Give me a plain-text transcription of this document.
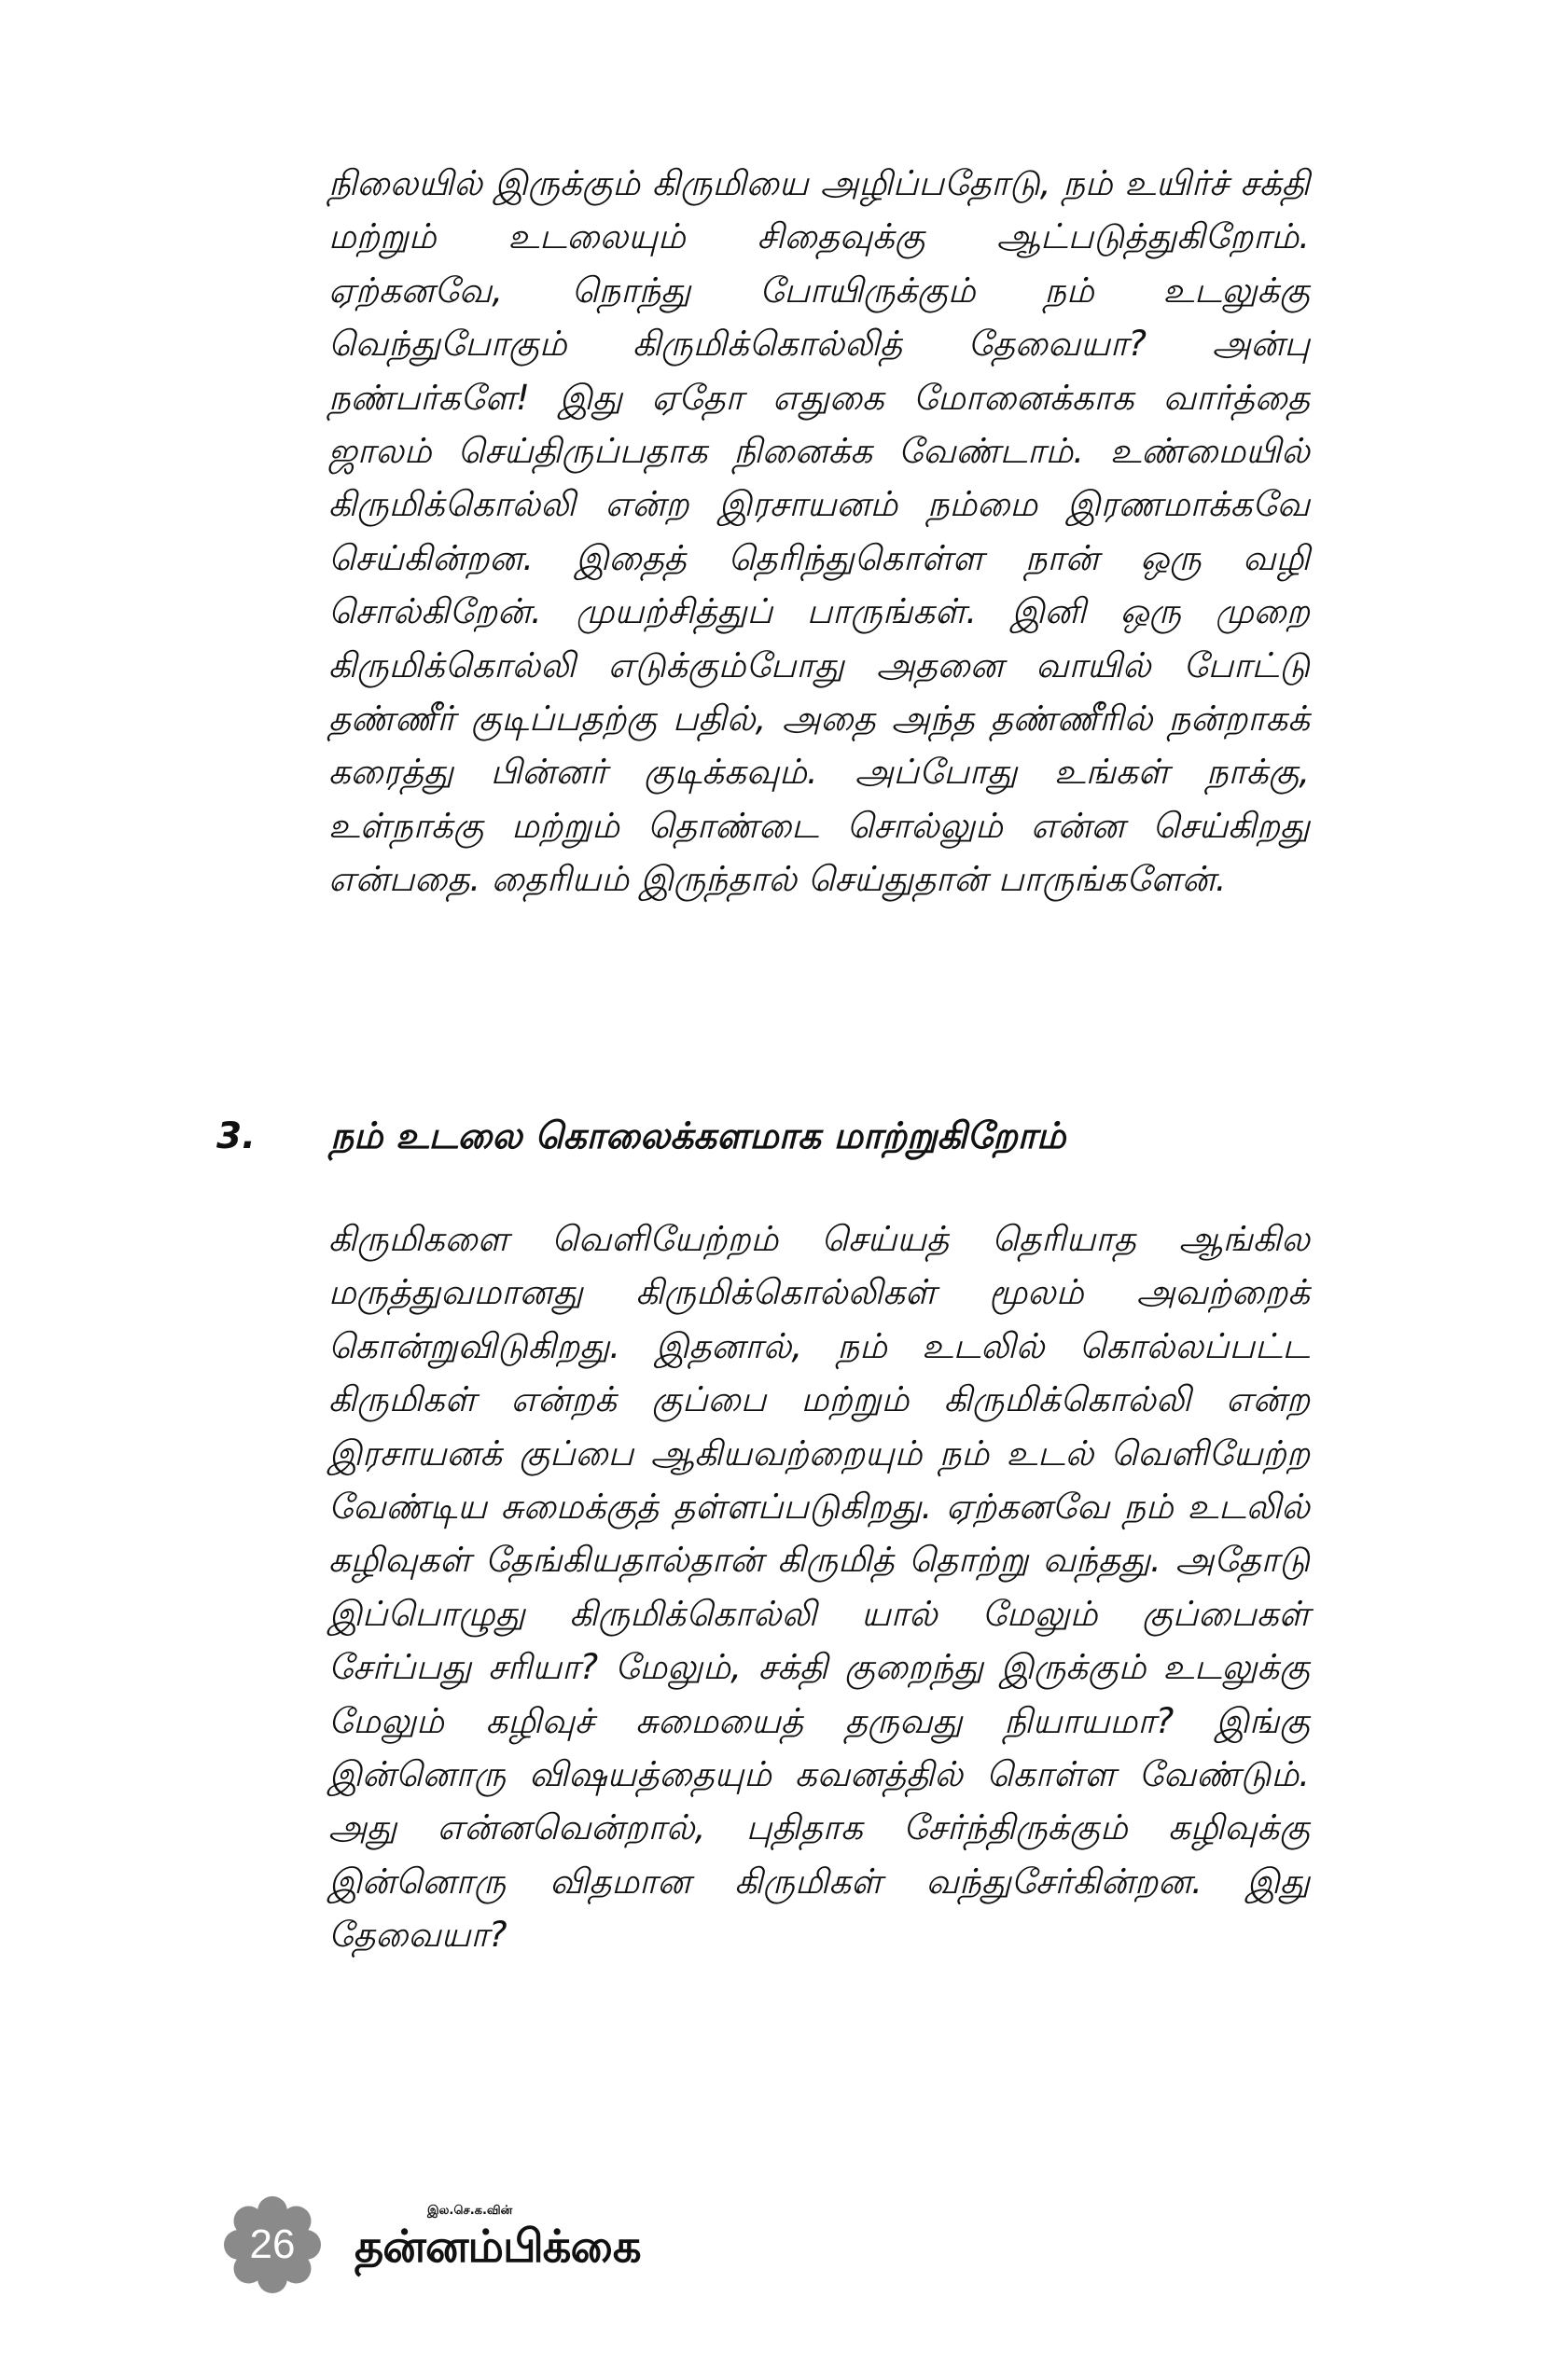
நிலையில் இருக்கும் கிருமியை அழிப்பதோடு, நம் உயிர்ச் சக்தி மற்றும் உடலையும் சிதைவுக்கு ஆட்படுத்துகிறோம். ஏற்கனவே, நொந்து போயிருக்கும் நம் உடலுக்கு வெந்துபோகும் கிருமிக்கொல்லித் தேவையா? அன்பு நண்பர்களே! இது ஏதோ எதுகை மோனைக்காக வார்த்தை ஜாலம் செய்திருப்பதாக நினைக்க வேண்டாம். உண்மையில் கிருமிக்கொல்லி என்ற இரசாயனம் நம்மை இரணமாக்கவே செய்கின்றன. இதைத் தெரிந்துகொள்ள நான் ஒரு வழி சொல்கிறேன். முயற்சித்துப் பாருங்கள். இனி ஒரு முறை கிருமிக்கொல்லி எடுக்கும்போது அதனை வாயில் போட்டு தண்ணீர் குடிப்பதற்கு பதில், அதை அந்த தண்ணீரில் நன்றாகக் கரைத்து பின்னர் குடிக்கவும். அப்போது உங்கள் நாக்கு, உள்நாக்கு மற்றும் தொண்டை சொல்லும் என்ன செய்கிறது என்பதை. தைரியம் இருந்தால் செய்துதான் பாருங்களேன்.

3. நம் உடலை கொலைக்களமாக மாற்றுகிறோம்

கிருமிகளை வெளியேற்றம் செய்யத் தெரியாத ஆங்கில மருத்துவமானது கிருமிக்கொல்லிகள் மூலம் அவற்றைக் கொன்றுவிடுகிறது. இதனால், நம் உடலில் கொல்லப்பட்ட கிருமிகள் என்றக் குப்பை மற்றும் கிருமிக்கொல்லி என்ற இரசாயனக் குப்பை ஆகியவற்றையும் நம் உடல் வெளியேற்ற வேண்டிய சுமைக்குத் தள்ளப்படுகிறது. ஏற்கனவே நம் உடலில் கழிவுகள் தேங்கியதால்தான் கிருமித் தொற்று வந்தது. அதோடு இப்பொழுது கிருமிக்கொல்லி யால் மேலும் குப்பைகள் சேர்ப்பது சரியா? மேலும், சக்தி குறைந்து இருக்கும் உடலுக்கு மேலும் கழிவுச் சுமையைத் தருவது நியாயமா? இங்கு இன்னொரு விஷயத்தையும் கவனத்தில் கொள்ள வேண்டும். அது என்னவென்றால், புதிதாக சேர்ந்திருக்கும் கழிவுக்கு இன்னொரு விதமான கிருமிகள் வந்துசேர்கின்றன. இது தேவையா?

26
இல.செ.க.வின்
தன்னம்பிக்கை
